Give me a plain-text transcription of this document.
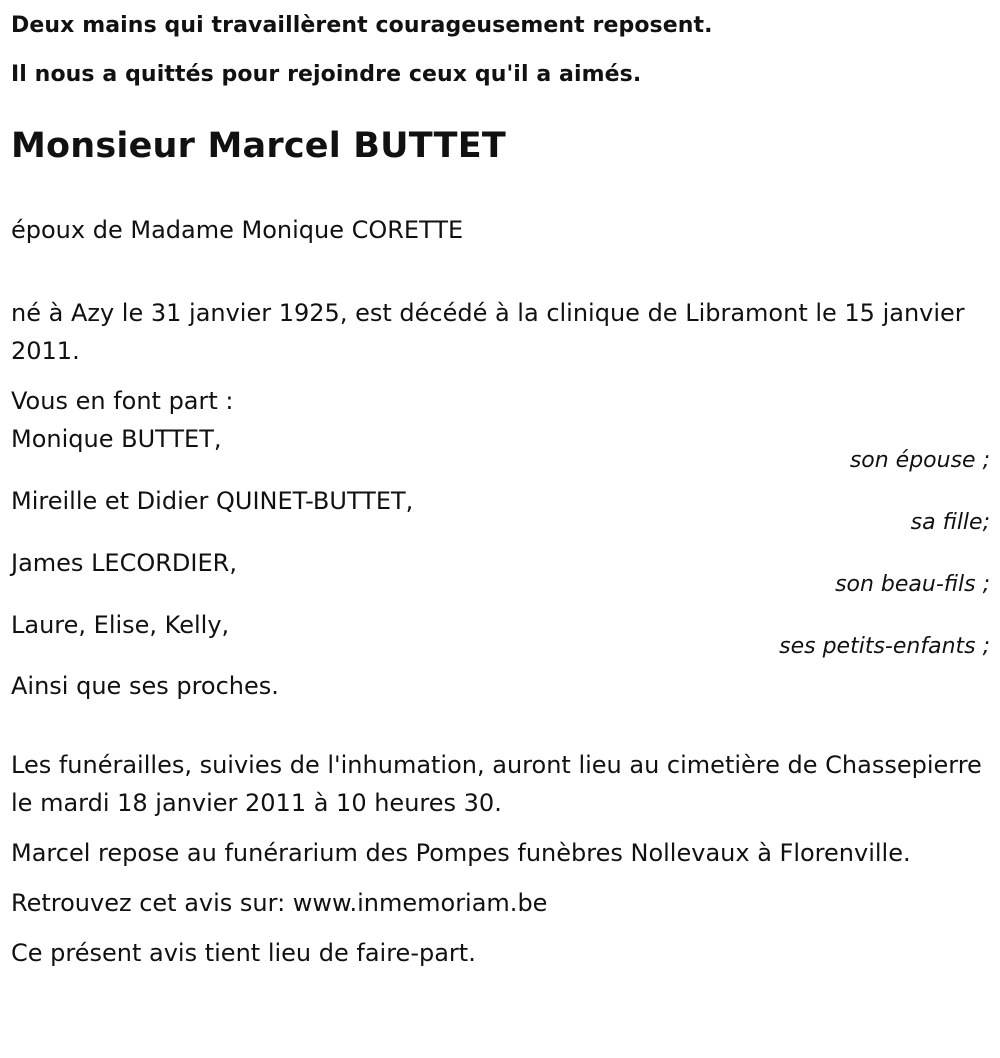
Deux mains qui travaillèrent courageusement reposent.

Il nous a quittés pour rejoindre ceux qu'il a aimés.

Monsieur Marcel BUTTET

époux de Madame Monique CORETTE

né à Azy le 31 janvier 1925, est décédé à la clinique de Libramont le 15 janvier 2011.

Vous en font part :

Monique BUTTET,

son épouse ;

Mireille et Didier QUINET-BUTTET,

sa fille;

James LECORDIER,

son beau-fils ;

Laure, Elise, Kelly,

ses petits-enfants ;

Ainsi que ses proches.

Les funérailles, suivies de l'inhumation, auront lieu au cimetière de Chassepierre le mardi 18 janvier 2011 à 10 heures 30.

Marcel repose au funérarium des Pompes funèbres Nollevaux à Florenville.

Retrouvez cet avis sur: www.inmemoriam.be

Ce présent avis tient lieu de faire-part.
